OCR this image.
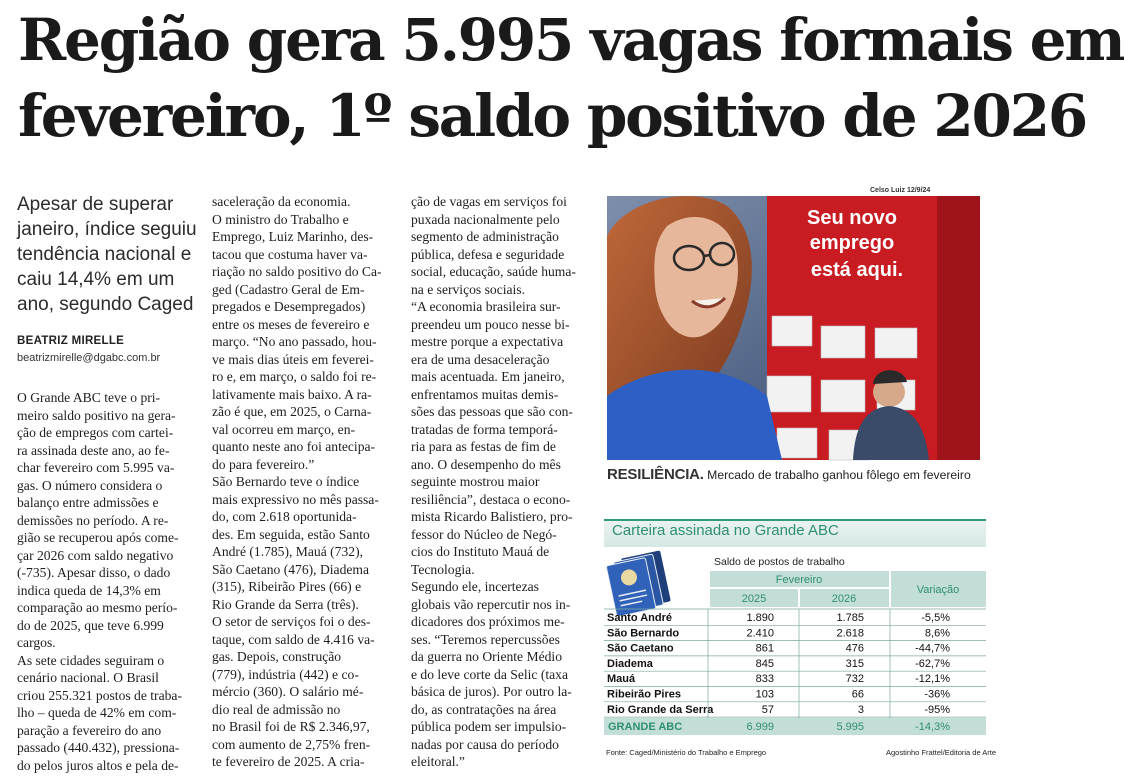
Região gera 5.995 vagas formais em
fevereiro, 1º saldo positivo de 2026
Apesar de superar
janeiro, índice seguiu
tendência nacional e
caiu 14,4% em um
ano, segundo Caged
BEATRIZ MIRELLE
beatrizmirelle@dgabc.com.br
O Grande ABC teve o pri-
meiro saldo positivo na gera-
ção de empregos com cartei-
ra assinada deste ano, ao fe-
char fevereiro com 5.995 va-
gas. O número considera o
balanço entre admissões e
demissões no período. A re-
gião se recuperou após come-
çar 2026 com saldo negativo
(-735). Apesar disso, o dado
indica queda de 14,3% em
comparação ao mesmo perío-
do de 2025, que teve 6.999
cargos.
As sete cidades seguiram o
cenário nacional. O Brasil
criou 255.321 postos de traba-
lho – queda de 42% em com-
paração a fevereiro do ano
passado (440.432), pressiona-
do pelos juros altos e pela de-
saceleração da economia.
O ministro do Trabalho e
Emprego, Luiz Marinho, des-
tacou que costuma haver va-
riação no saldo positivo do Ca-
ged (Cadastro Geral de Em-
pregados e Desempregados)
entre os meses de fevereiro e
março. “No ano passado, hou-
ve mais dias úteis em feverei-
ro e, em março, o saldo foi re-
lativamente mais baixo. A ra-
zão é que, em 2025, o Carna-
val ocorreu em março, en-
quanto neste ano foi antecipa-
do para fevereiro.”
São Bernardo teve o índice
mais expressivo no mês passa-
do, com 2.618 oportunida-
des. Em seguida, estão Santo
André (1.785), Mauá (732),
São Caetano (476), Diadema
(315), Ribeirão Pires (66) e
Rio Grande da Serra (três).
O setor de serviços foi o des-
taque, com saldo de 4.416 va-
gas. Depois, construção
(779), indústria (442) e co-
mércio (360). O salário mé-
dio real de admissão no
no Brasil foi de R$ 2.346,97,
com aumento de 2,75% fren-
te fevereiro de 2025. A cria-
ção de vagas em serviços foi
puxada nacionalmente pelo
segmento de administração
pública, defesa e seguridade
social, educação, saúde huma-
na e serviços sociais.
“A economia brasileira sur-
preendeu um pouco nesse bi-
mestre porque a expectativa
era de uma desaceleração
mais acentuada. Em janeiro,
enfrentamos muitas demis-
sões das pessoas que são con-
tratadas de forma temporá-
ria para as festas de fim de
ano. O desempenho do mês
seguinte mostrou maior
resiliência”, destaca o econo-
mista Ricardo Balistiero, pro-
fessor do Núcleo de Negó-
cios do Instituto Mauá de
Tecnologia.
Segundo ele, incertezas
globais vão repercutir nos in-
dicadores dos próximos me-
ses. “Teremos repercussões
da guerra no Oriente Médio
e do leve corte da Selic (taxa
básica de juros). Por outro la-
do, as contratações na área
pública podem ser impulsio-
nadas por causa do período
eleitoral.”
Celso Luiz 12/9/24
Seu novo
emprego
está aqui.
RESILIÊNCIA. Mercado de trabalho ganhou fôlego em fevereiro
Carteira assinada no Grande ABC
Saldo de postos de trabalho
Fevereiro
2025	2026
Variação
Santo André	1.890	1.785	-5,5%
São Bernardo	2.410	2.618	8,6%
São Caetano	861	476	-44,7%
Diadema	845	315	-62,7%
Mauá	833	732	-12,1%
Ribeirão Pires	103	66	-36%
Rio Grande da Serra	57	3	-95%
GRANDE ABC	6.999	5.995	-14,3%
Fonte: Caged/Ministério do Trabalho e Emprego	Agostinho Frattel/Editoria de Arte
